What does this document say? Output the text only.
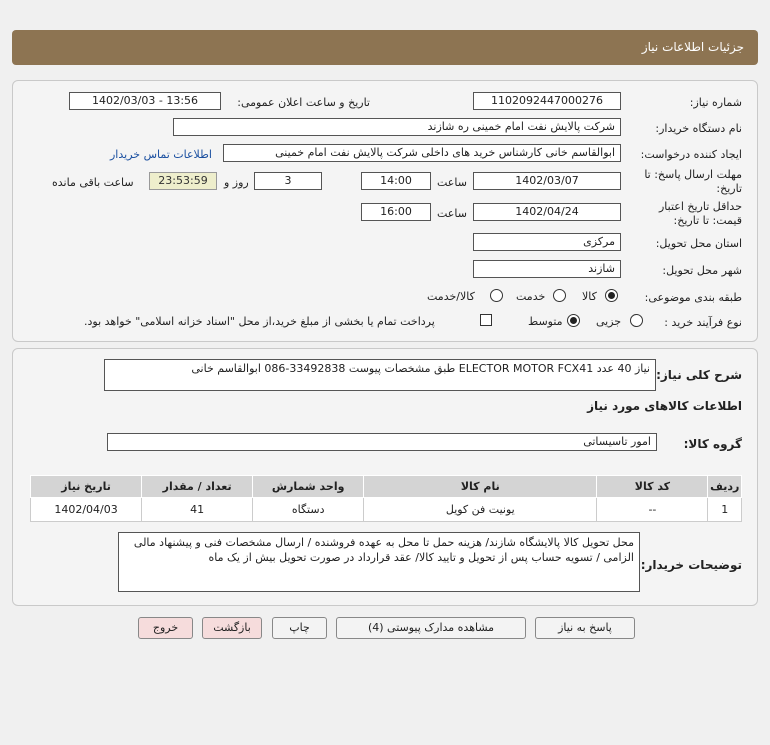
جزئیات اطلاعات نیاز
شماره نیاز:
1102092447000276
تاریخ و ساعت اعلان عمومی:
1402/03/03 - 13:56
نام دستگاه خریدار:
شرکت پالایش نفت امام خمینی ره شازند
ایجاد کننده درخواست:
ابوالقاسم خانی کارشناس خرید های داخلی شرکت پالایش نفت امام خمینی
اطلاعات تماس خریدار
مهلت ارسال پاسخ: تا
تاریخ:
1402/03/07
ساعت
14:00
3
روز و
23:53:59
ساعت باقی مانده
حداقل تاریخ اعتبار
قیمت: تا تاریخ:
1402/04/24
ساعت
16:00
استان محل تحویل:
مرکزی
شهر محل تحویل:
شازند
طبقه بندی موضوعی:
کالا
خدمت
کالا/خدمت
نوع فرآیند خرید :
جزیی
متوسط
پرداخت تمام یا بخشی از مبلغ خرید،از محل "اسناد خزانه اسلامی" خواهد بود.
شرح کلی نیاز:
نیاز 40 عدد ELECTOR MOTOR FCX41 طبق مشخصات پیوست 33492838-086 ابوالقاسم خانی
اطلاعات کالاهای مورد نیاز
گروه کالا:
امور تاسیساتی
ردیف	کد کالا	نام کالا	واحد شمارش	تعداد / مقدار	تاریخ نیاز
1	--	یونیت فن کویل	دستگاه	41	1402/04/03
توضیحات خریدار:
محل تحویل کالا پالایشگاه شازند/ هزینه حمل تا محل به عهده فروشنده / ارسال مشخصات فنی و پیشنهاد مالی الزامی / تسویه حساب پس از تحویل و تایید کالا/ عقد قرارداد در صورت تحویل بیش از یک ماه
پاسخ به نیاز
مشاهده مدارک پیوستی (4)
چاپ
بازگشت
خروج
